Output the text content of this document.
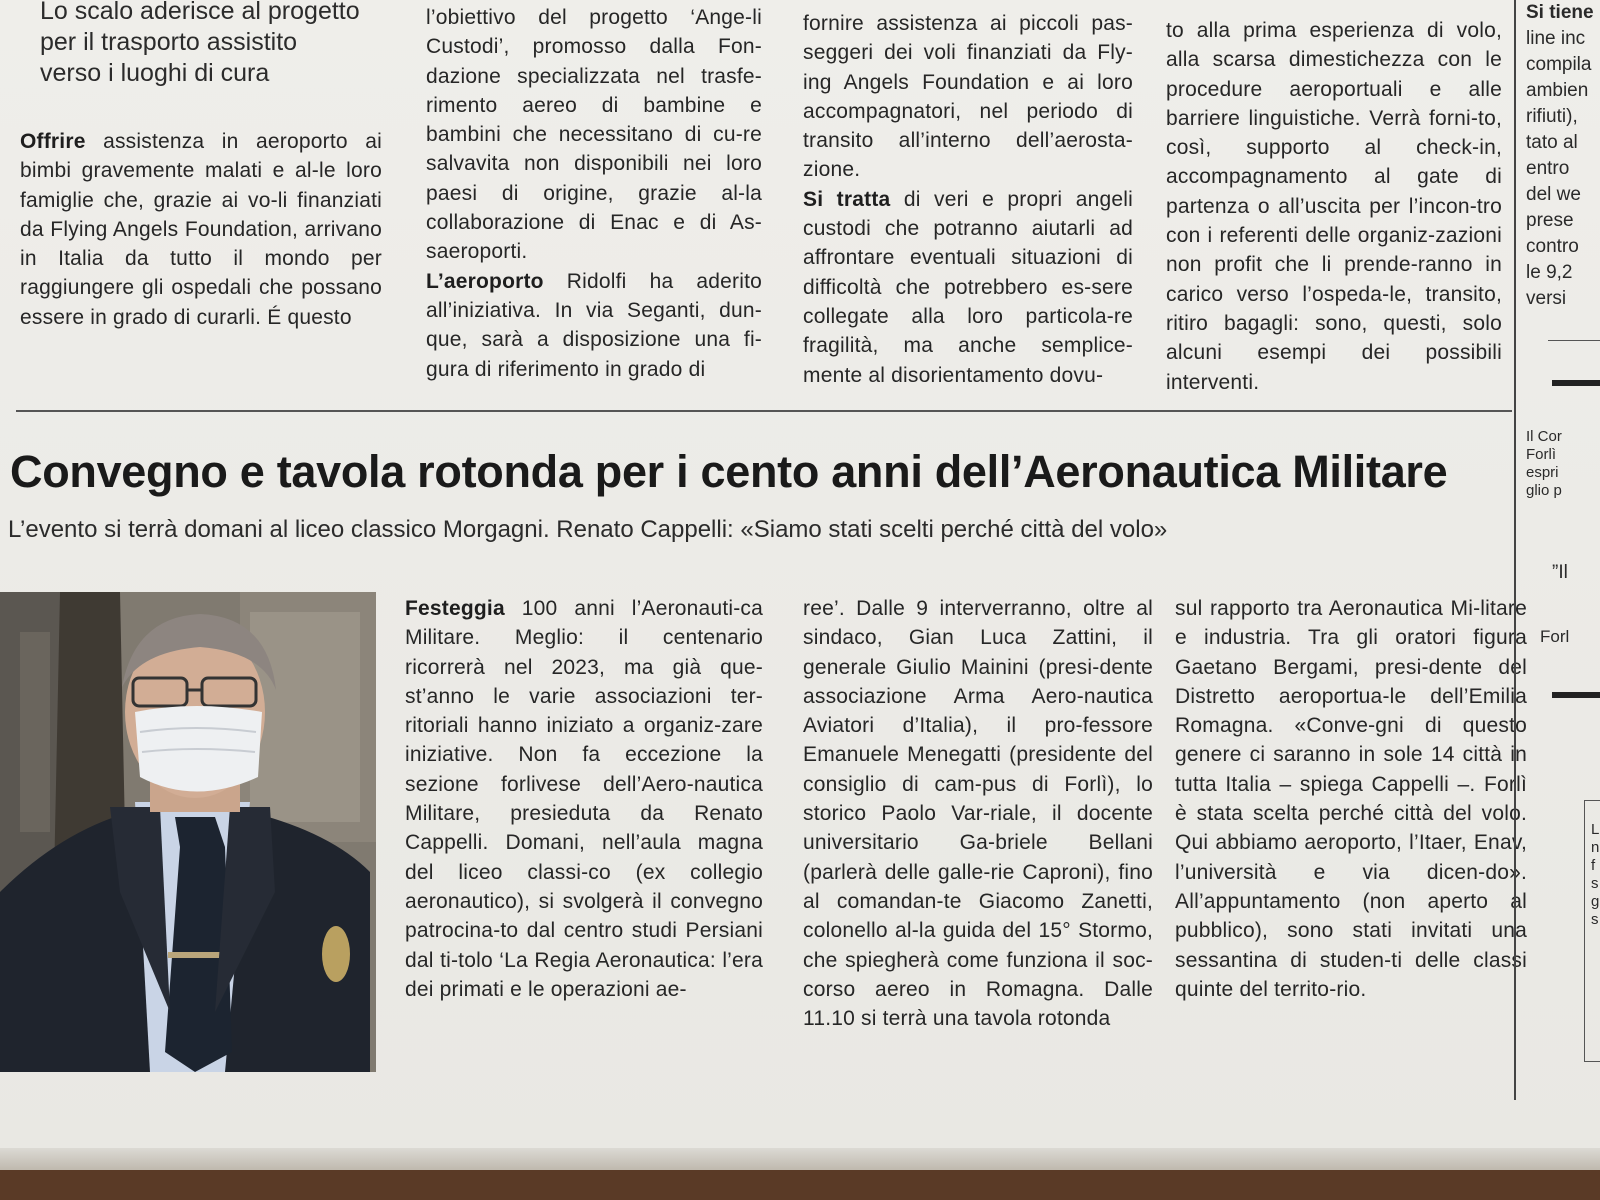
Lo scalo aderisce al progetto
per il trasporto assistito
verso i luoghi di cura

Offrire assistenza in aeroporto ai bimbi gravemente malati e al-le loro famiglie che, grazie ai vo-li finanziati da Flying Angels Foundation, arrivano in Italia da tutto il mondo per raggiungere gli ospedali che possano essere in grado di curarli. É questo

l’obiettivo del progetto ‘Ange-li Custodi’, promosso dalla Fon-dazione specializzata nel trasfe-rimento aereo di bambine e bambini che necessitano di cu-re salvavita non disponibili nei loro paesi di origine, grazie al-la collaborazione di Enac e di As-saeroporti.

L’aeroporto Ridolfi ha aderito all’iniziativa. In via Seganti, dun-que, sarà a disposizione una fi-gura di riferimento in grado di

fornire assistenza ai piccoli pas-seggeri dei voli finanziati da Fly-ing Angels Foundation e ai loro accompagnatori, nel periodo di transito all’interno dell’aerosta-zione.

Si tratta di veri e propri angeli custodi che potranno aiutarli ad affrontare eventuali situazioni di difficoltà che potrebbero es-sere collegate alla loro particola-re fragilità, ma anche semplice-mente al disorientamento dovu-

to alla prima esperienza di volo, alla scarsa dimestichezza con le procedure aeroportuali e alle barriere linguistiche. Verrà forni-to, così, supporto al check-in, accompagnamento al gate di partenza o all’uscita per l’incon-tro con i referenti delle organiz-zazioni non profit che li prende-ranno in carico verso l’ospeda-le, transito, ritiro bagagli: sono, questi, solo alcuni esempi dei possibili interventi.

Convegno e tavola rotonda per i cento anni dell’Aeronautica Militare
L’evento si terrà domani al liceo classico Morgagni. Renato Cappelli: «Siamo stati scelti perché città del volo»

Festeggia 100 anni l’Aeronauti-ca Militare. Meglio: il centenario ricorrerà nel 2023, ma già que-st’anno le varie associazioni ter-ritoriali hanno iniziato a organiz-zare iniziative. Non fa eccezione la sezione forlivese dell’Aero-nautica Militare, presieduta da Renato Cappelli. Domani, nell’aula magna del liceo classi-co (ex collegio aeronautico), si svolgerà il convegno patrocina-to dal centro studi Persiani dal ti-tolo ‘La Regia Aeronautica: l’era dei primati e le operazioni ae-

ree’. Dalle 9 interverranno, oltre al sindaco, Gian Luca Zattini, il generale Giulio Mainini (presi-dente associazione Arma Aero-nautica Aviatori d’Italia), il pro-fessore Emanuele Menegatti (presidente del consiglio di cam-pus di Forlì), lo storico Paolo Var-riale, il docente universitario Ga-briele Bellani (parlerà delle galle-rie Caproni), fino al comandan-te Giacomo Zanetti, colonello al-la guida del 15° Stormo, che spiegherà come funziona il soc-corso aereo in Romagna. Dalle 11.10 si terrà una tavola rotonda

sul rapporto tra Aeronautica Mi-litare e industria. Tra gli oratori figura Gaetano Bergami, presi-dente del Distretto aeroportua-le dell’Emilia Romagna. «Conve-gni di questo genere ci saranno in sole 14 città in tutta Italia – spiega Cappelli –. Forlì è stata scelta perché città del volo. Qui abbiamo aeroporto, l’Itaer, Enav, l’università e via dicen-do». All’appuntamento (non aperto al pubblico), sono stati invitati una sessantina di studen-ti delle classi quinte del territo-rio.

Si tiene
line inc
compila
ambien
rifiuti),
tato al
entro
del we
prese
contro
le 9,2
versi
Il Cor
Forlì
espri
glio p
”Il
Forl
L
n
f
s
g
s
